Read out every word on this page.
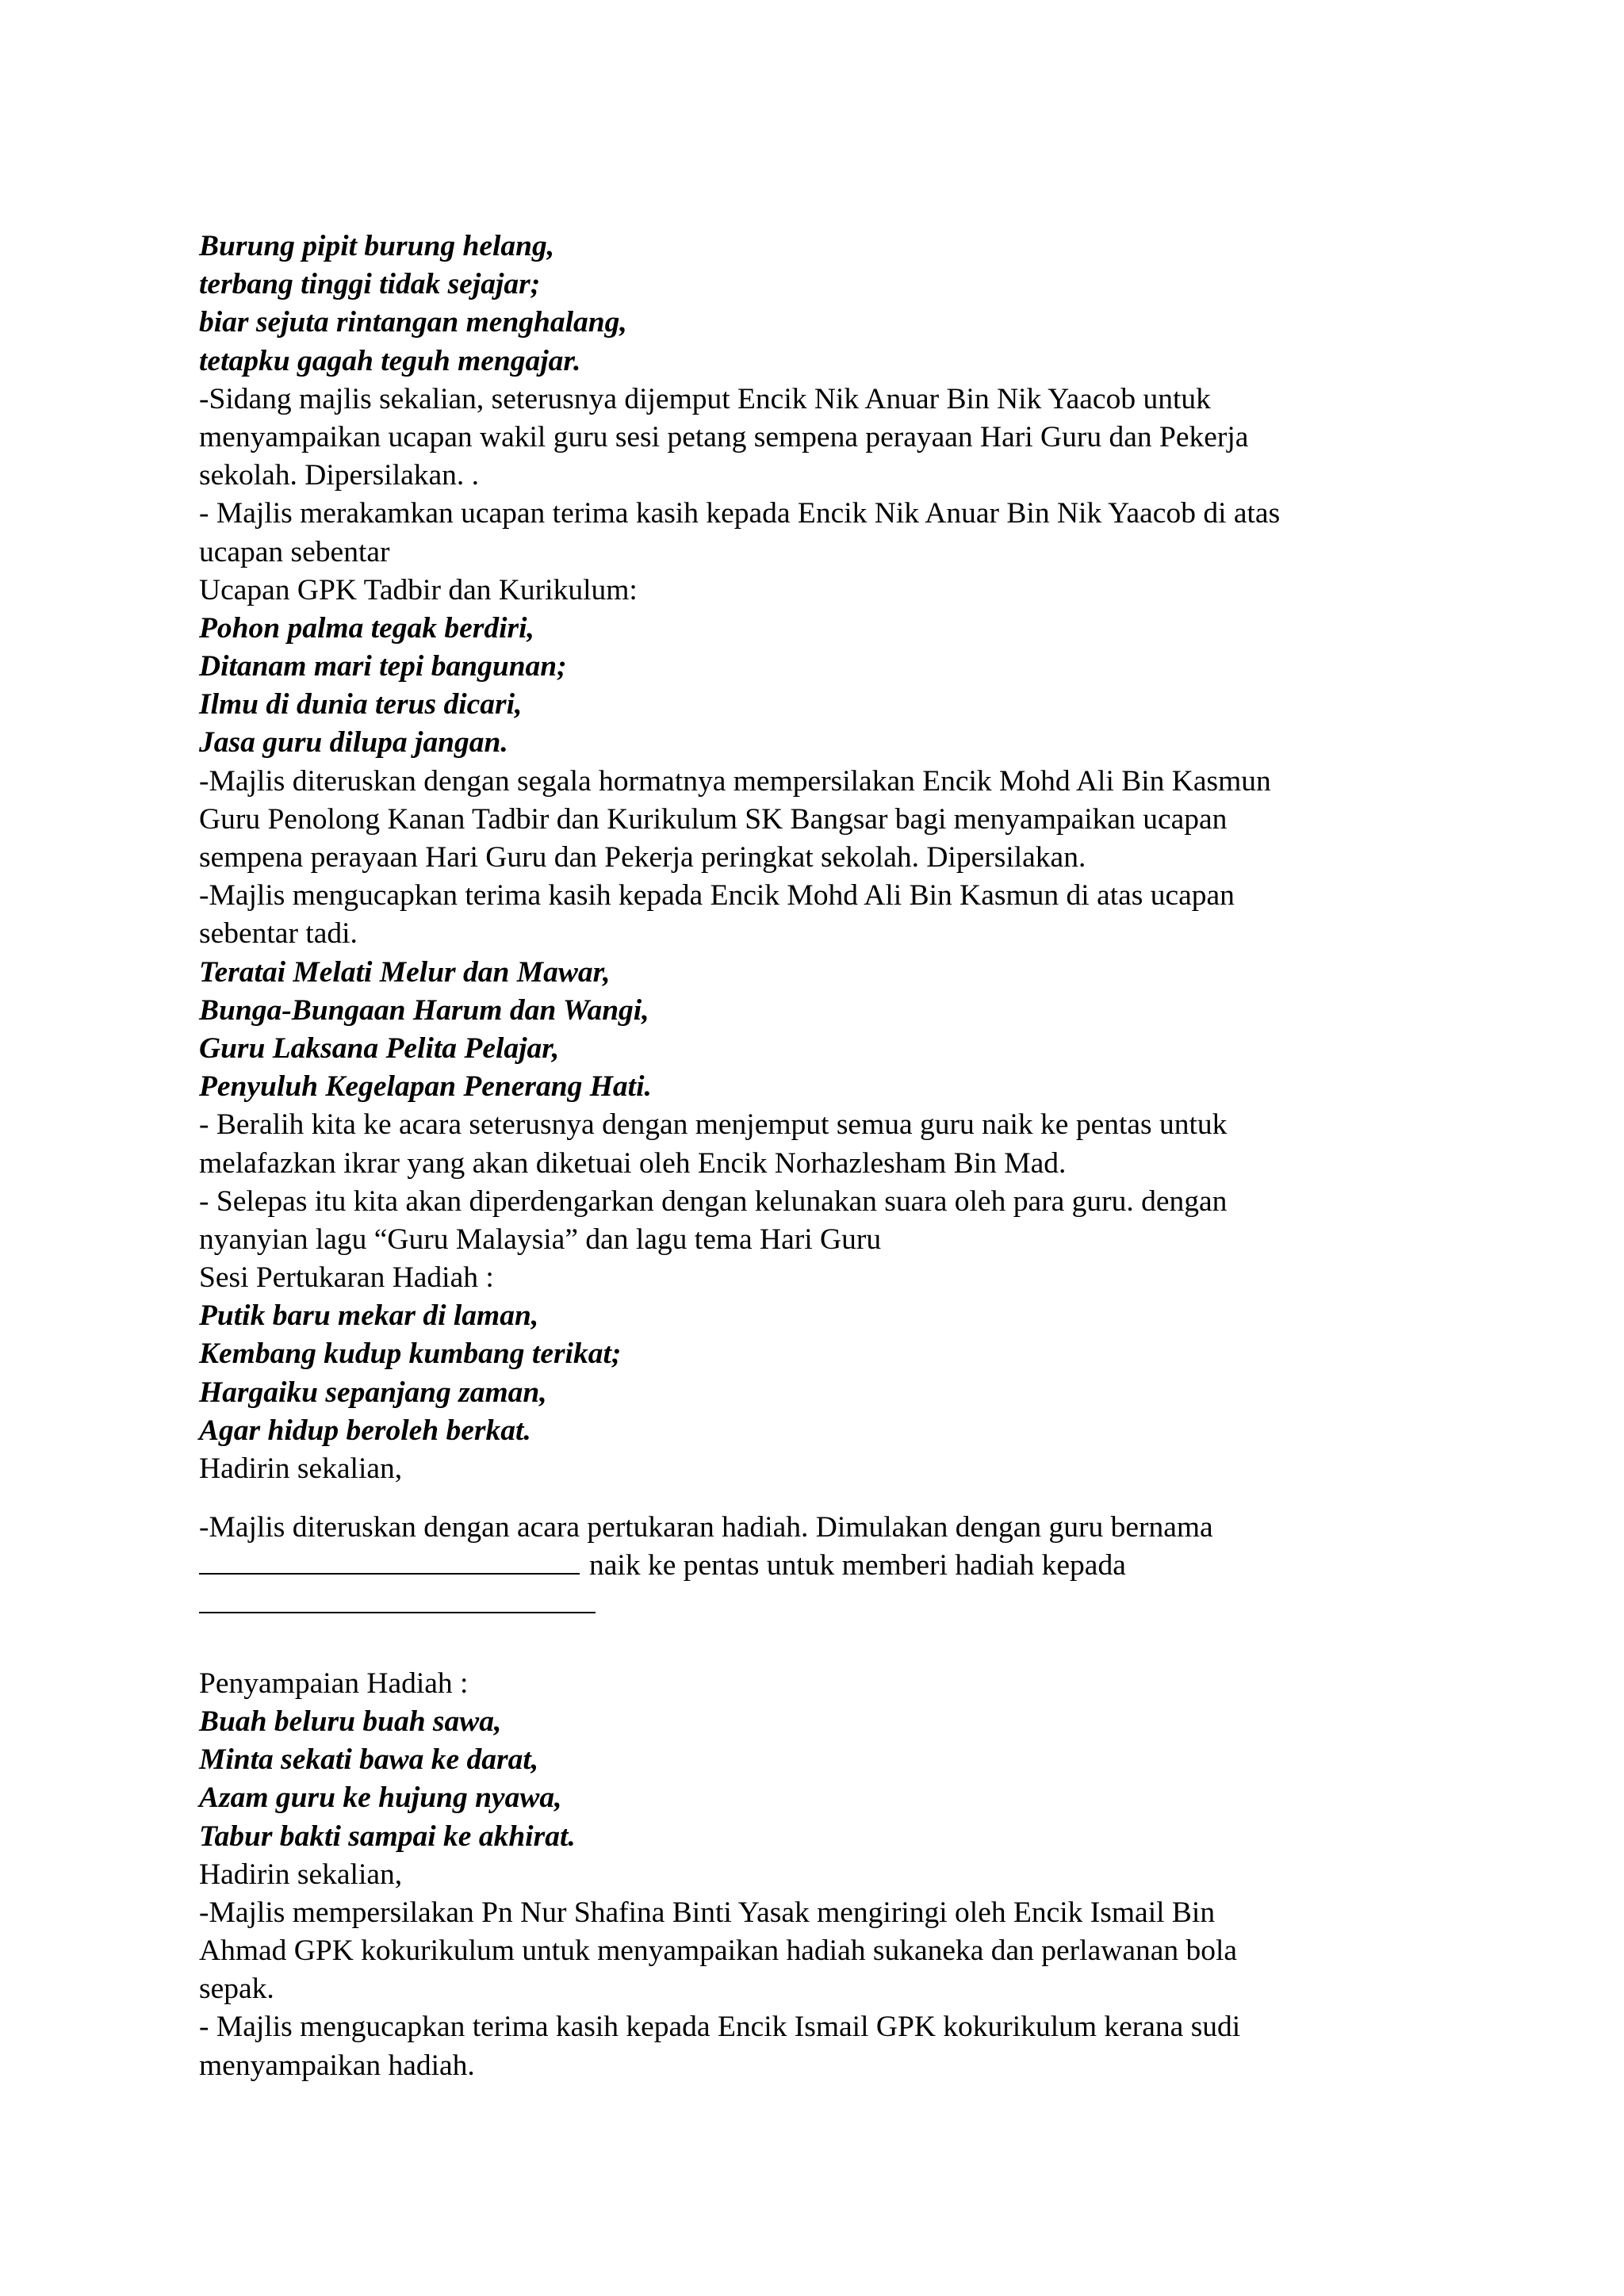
Burung pipit burung helang,
terbang tinggi tidak sejajar;
biar sejuta rintangan menghalang,
tetapku gagah teguh mengajar.
-Sidang majlis sekalian, seterusnya dijemput Encik Nik Anuar Bin Nik Yaacob untuk
menyampaikan ucapan wakil guru sesi petang sempena perayaan Hari Guru dan Pekerja
sekolah. Dipersilakan. .
- Majlis merakamkan ucapan terima kasih kepada Encik Nik Anuar Bin Nik Yaacob di atas
ucapan sebentar
Ucapan GPK Tadbir dan Kurikulum:
Pohon palma tegak berdiri,
Ditanam mari tepi bangunan;
Ilmu di dunia terus dicari,
Jasa guru dilupa jangan.
-Majlis diteruskan dengan segala hormatnya mempersilakan Encik Mohd Ali Bin Kasmun
Guru Penolong Kanan Tadbir dan Kurikulum SK Bangsar bagi menyampaikan ucapan
sempena perayaan Hari Guru dan Pekerja peringkat sekolah. Dipersilakan.
-Majlis mengucapkan terima kasih kepada Encik Mohd Ali Bin Kasmun di atas ucapan
sebentar tadi.
Teratai Melati Melur dan Mawar,
Bunga-Bungaan Harum dan Wangi,
Guru Laksana Pelita Pelajar,
Penyuluh Kegelapan Penerang Hati.
- Beralih kita ke acara seterusnya dengan menjemput semua guru naik ke pentas untuk
melafazkan ikrar yang akan diketuai oleh Encik Norhazlesham Bin Mad.
- Selepas itu kita akan diperdengarkan dengan kelunakan suara oleh para guru. dengan
nyanyian lagu “Guru Malaysia” dan lagu tema Hari Guru
Sesi Pertukaran Hadiah :
Putik baru mekar di laman,
Kembang kudup kumbang terikat;
Hargaiku sepanjang zaman,
Agar hidup beroleh berkat.
Hadirin sekalian,
-Majlis diteruskan dengan acara pertukaran hadiah. Dimulakan dengan guru bernama
naik ke pentas untuk memberi hadiah kepada
Penyampaian Hadiah :
Buah beluru buah sawa,
Minta sekati bawa ke darat,
Azam guru ke hujung nyawa,
Tabur bakti sampai ke akhirat.
Hadirin sekalian,
-Majlis mempersilakan Pn Nur Shafina Binti Yasak mengiringi oleh Encik Ismail Bin
Ahmad GPK kokurikulum untuk menyampaikan hadiah sukaneka dan perlawanan bola
sepak.
- Majlis mengucapkan terima kasih kepada Encik Ismail GPK kokurikulum kerana sudi
menyampaikan hadiah.
